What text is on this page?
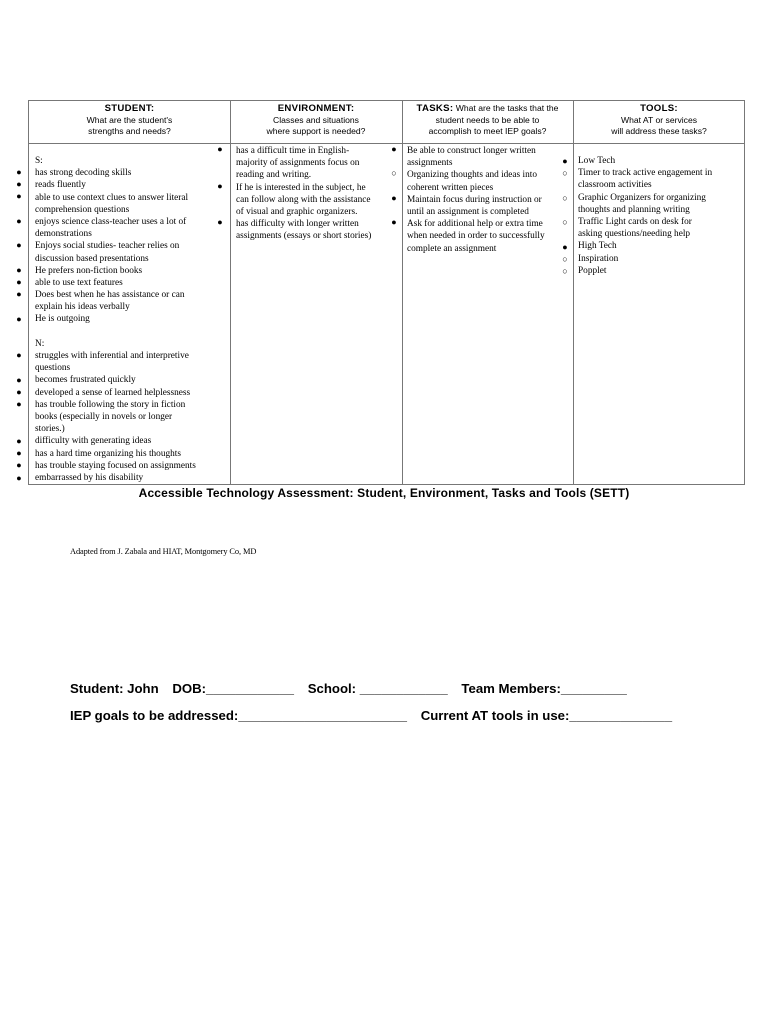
STUDENT:
What are the student's
strengths and needs?
S:
has strong decoding skills
reads fluently
able to use context clues to answer literal
comprehension questions
enjoys science class-teacher uses a lot of
demonstrations
Enjoys social studies- teacher relies on
discussion based presentations
He prefers non-fiction books
able to use text features
Does best when he has assistance or can
explain his ideas verbally
He is outgoing
N:
struggles with inferential and interpretive
questions
becomes frustrated quickly
developed a sense of learned helplessness
has trouble following the story in fiction
books (especially in novels or longer
stories.)
difficulty with generating ideas
has a hard time organizing his thoughts
has trouble staying focused on assignments
embarrassed by his disability
ENVIRONMENT:
Classes and situations
where support is needed?
has a difficult time in English-
majority of assignments focus on
reading and writing.
If he is interested in the subject, he
can follow along with the assistance
of visual and graphic organizers.
has difficulty with longer written
assignments (essays or short stories)
TASKS: What are the tasks that the
student needs to be able to
accomplish to meet IEP goals?
Be able to construct longer written
assignments
Organizing thoughts and ideas into
coherent written pieces
Maintain focus during instruction or
until an assignment is completed
Ask for additional help or extra time
when needed in order to successfully
complete an assignment
TOOLS:
What AT or services
will address these tasks?
Low Tech
Timer to track active engagement in
classroom activities
Graphic Organizers for organizing
thoughts and planning writing
Traffic Light cards on desk for
asking questions/needing help
High Tech
Inspiration
Popplet
●
●
●
●
●
●
●
●
●
●
●
●
●
●
●
●
●
●
●
●
●
○
●
●
●
○
○
○
●
○
○
Accessible Technology Assessment: Student, Environment, Tasks and Tools (SETT)
Adapted from J. Zabala and HIAT, Montgomery Co, MD
Student: John DOB:____________ School: ____________ Team Members:_________
IEP goals to be addressed:_______________________ Current AT tools in use:______________
